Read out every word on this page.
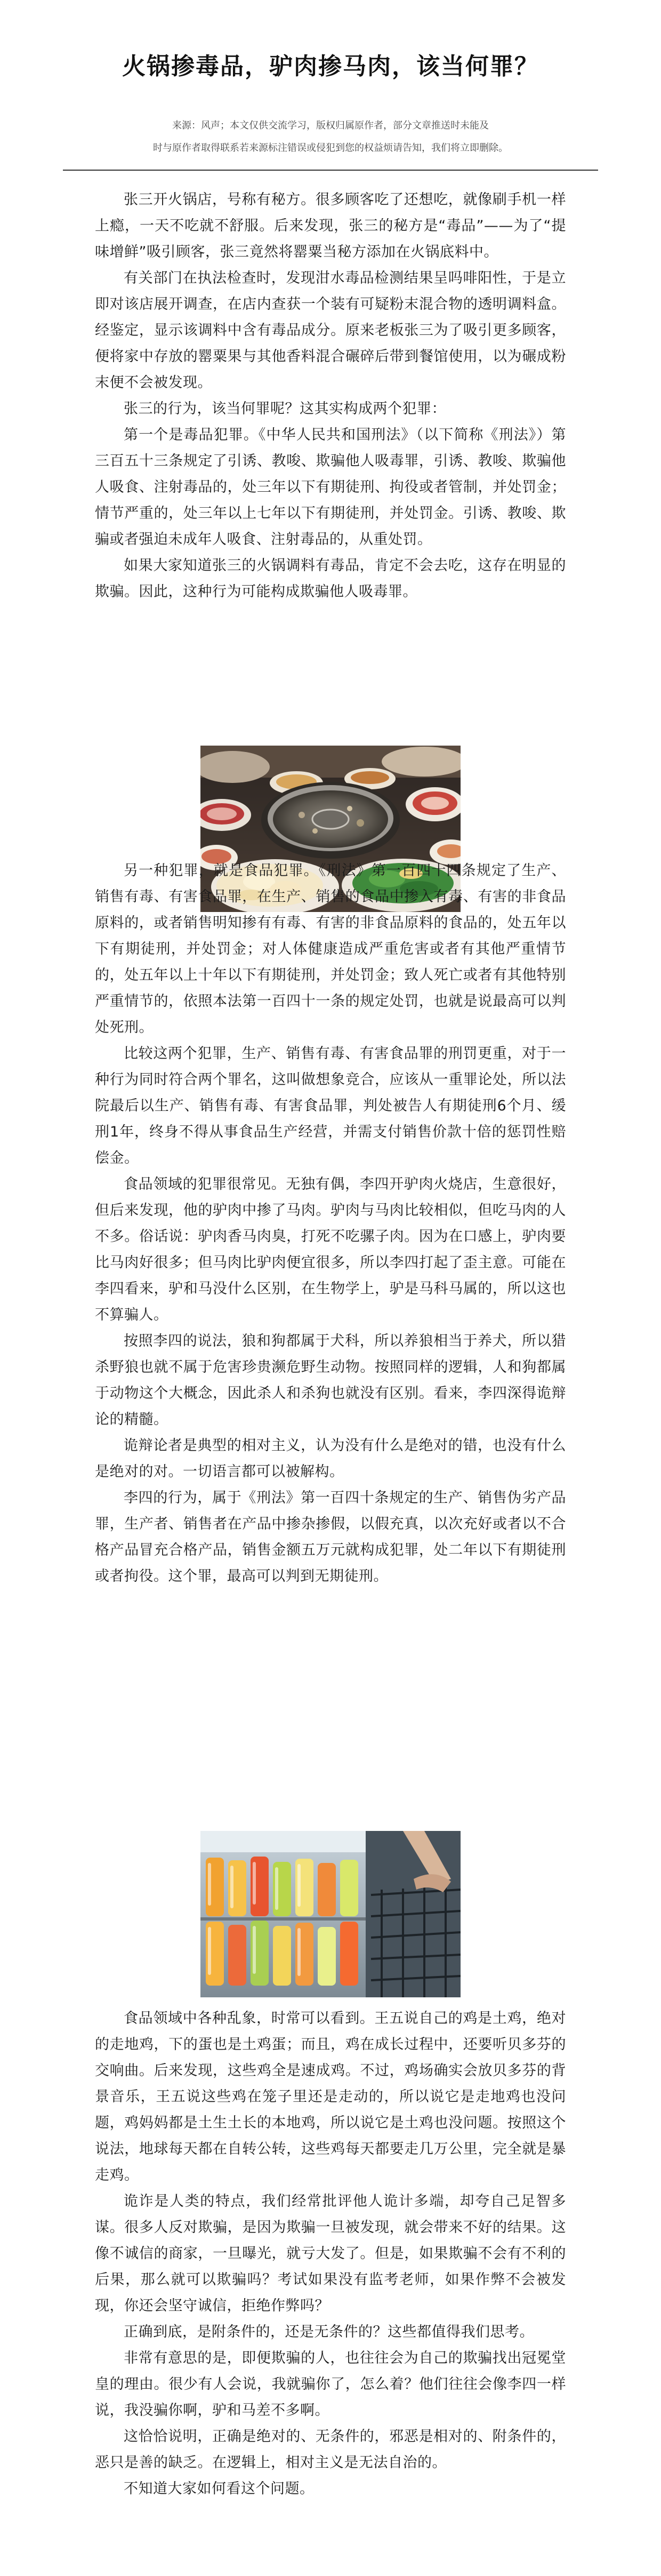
火锅掺毒品，驴肉掺马肉，该当何罪？

来源：风声；本文仅供交流学习，版权归属原作者，部分文章推送时未能及

时与原作者取得联系若来源标注错误或侵犯到您的权益烦请告知，我们将立即删除。

张三开火锅店，号称有秘方。很多顾客吃了还想吃，就像刷手机一样上瘾，一天不吃就不舒服。后来发现，张三的秘方是“毒品”——为了“提味增鲜”吸引顾客，张三竟然将罂粟当秘方添加在火锅底料中。

有关部门在执法检查时，发现泔水毒品检测结果呈吗啡阳性，于是立即对该店展开调查，在店内查获一个装有可疑粉末混合物的透明调料盒。经鉴定，显示该调料中含有毒品成分。原来老板张三为了吸引更多顾客，便将家中存放的罂粟果与其他香料混合碾碎后带到餐馆使用，以为碾成粉末便不会被发现。

张三的行为，该当何罪呢？这其实构成两个犯罪：

第一个是毒品犯罪。《中华人民共和国刑法》（以下简称《刑法》）第三百五十三条规定了引诱、教唆、欺骗他人吸毒罪，引诱、教唆、欺骗他人吸食、注射毒品的，处三年以下有期徒刑、拘役或者管制，并处罚金；情节严重的，处三年以上七年以下有期徒刑，并处罚金。引诱、教唆、欺骗或者强迫未成年人吸食、注射毒品的，从重处罚。

如果大家知道张三的火锅调料有毒品，肯定不会去吃，这存在明显的欺骗。因此，这种行为可能构成欺骗他人吸毒罪。

另一种犯罪，就是食品犯罪。《刑法》第一百四十四条规定了生产、销售有毒、有害食品罪，在生产、销售的食品中掺入有毒、有害的非食品原料的，或者销售明知掺有有毒、有害的非食品原料的食品的，处五年以下有期徒刑，并处罚金；对人体健康造成严重危害或者有其他严重情节的，处五年以上十年以下有期徒刑，并处罚金；致人死亡或者有其他特别严重情节的，依照本法第一百四十一条的规定处罚，也就是说最高可以判处死刑。

比较这两个犯罪，生产、销售有毒、有害食品罪的刑罚更重，对于一种行为同时符合两个罪名，这叫做想象竞合，应该从一重罪论处，所以法院最后以生产、销售有毒、有害食品罪，判处被告人有期徒刑6个月、缓刑1年，终身不得从事食品生产经营，并需支付销售价款十倍的惩罚性赔偿金。

食品领域的犯罪很常见。无独有偶，李四开驴肉火烧店，生意很好，但后来发现，他的驴肉中掺了马肉。驴肉与马肉比较相似，但吃马肉的人不多。俗话说：驴肉香马肉臭，打死不吃骡子肉。因为在口感上，驴肉要比马肉好很多；但马肉比驴肉便宜很多，所以李四打起了歪主意。可能在李四看来，驴和马没什么区别，在生物学上，驴是马科马属的，所以这也不算骗人。

按照李四的说法，狼和狗都属于犬科，所以养狼相当于养犬，所以猎杀野狼也就不属于危害珍贵濒危野生动物。按照同样的逻辑，人和狗都属于动物这个大概念，因此杀人和杀狗也就没有区别。看来，李四深得诡辩论的精髓。

诡辩论者是典型的相对主义，认为没有什么是绝对的错，也没有什么是绝对的对。一切语言都可以被解构。

李四的行为，属于《刑法》第一百四十条规定的生产、销售伪劣产品罪，生产者、销售者在产品中掺杂掺假，以假充真，以次充好或者以不合格产品冒充合格产品，销售金额五万元就构成犯罪，处二年以下有期徒刑或者拘役。这个罪，最高可以判到无期徒刑。

食品领域中各种乱象，时常可以看到。王五说自己的鸡是土鸡，绝对的走地鸡，下的蛋也是土鸡蛋；而且，鸡在成长过程中，还要听贝多芬的交响曲。后来发现，这些鸡全是速成鸡。不过，鸡场确实会放贝多芬的背景音乐，王五说这些鸡在笼子里还是走动的，所以说它是走地鸡也没问题，鸡妈妈都是土生土长的本地鸡，所以说它是土鸡也没问题。按照这个说法，地球每天都在自转公转，这些鸡每天都要走几万公里，完全就是暴走鸡。

诡诈是人类的特点，我们经常批评他人诡计多端，却夸自己足智多谋。很多人反对欺骗，是因为欺骗一旦被发现，就会带来不好的结果。这像不诚信的商家，一旦曝光，就亏大发了。但是，如果欺骗不会有不利的后果，那么就可以欺骗吗？考试如果没有监考老师，如果作弊不会被发现，你还会坚守诚信，拒绝作弊吗？

正确到底，是附条件的，还是无条件的？这些都值得我们思考。

非常有意思的是，即便欺骗的人，也往往会为自己的欺骗找出冠冕堂皇的理由。很少有人会说，我就骗你了，怎么着？他们往往会像李四一样说，我没骗你啊，驴和马差不多啊。

这恰恰说明，正确是绝对的、无条件的，邪恶是相对的、附条件的，恶只是善的缺乏。在逻辑上，相对主义是无法自治的。

不知道大家如何看这个问题。
